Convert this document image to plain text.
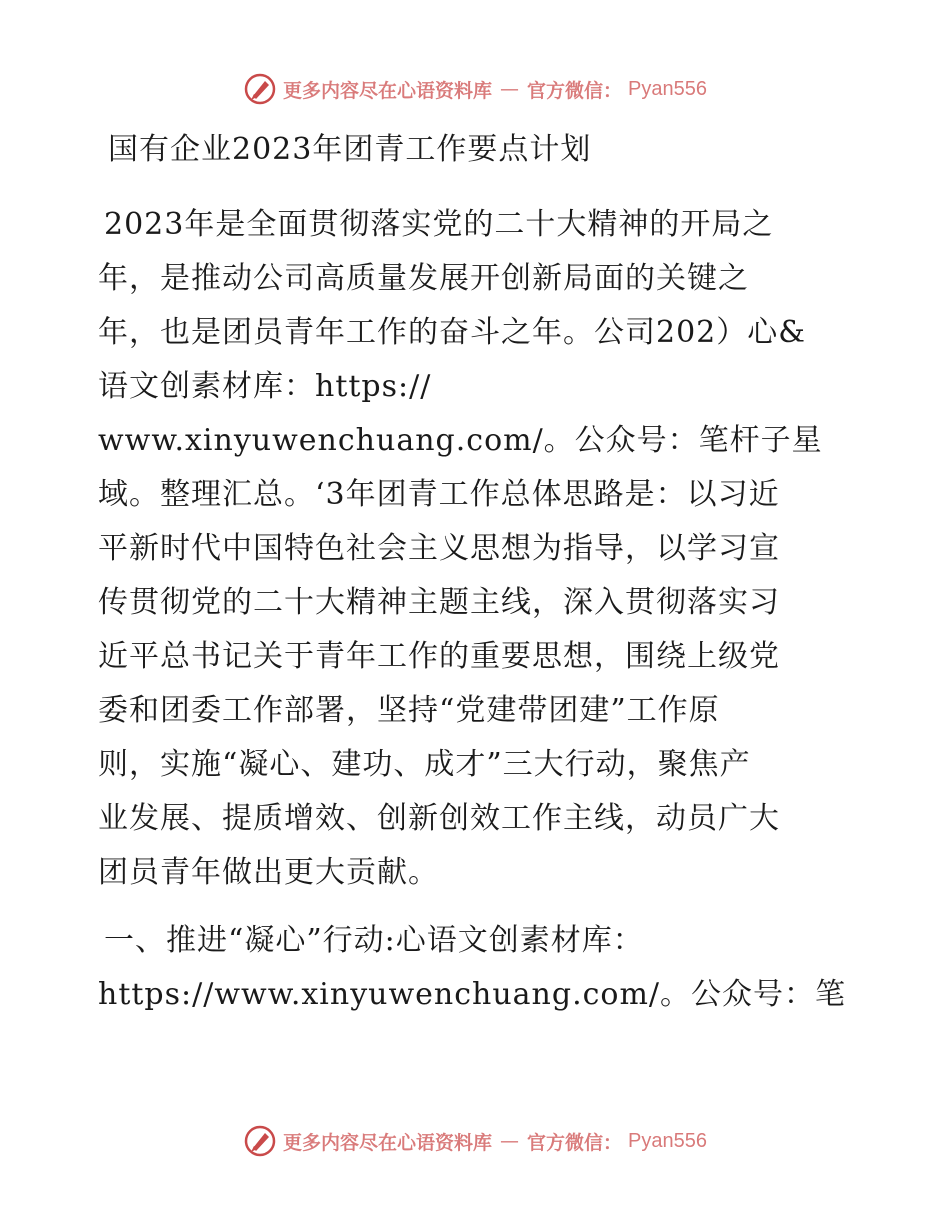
更多内容尽在心语资料库 — 官方微信： Pyan556
国有企业2023年团青工作要点计划

2023年是全面贯彻落实党的二十大精神的开局之
年，是推动公司高质量发展开创新局面的关键之
年，也是团员青年工作的奋斗之年。公司202）心&
语文创素材库：https://
www.xinyuwenchuang.com/。公众号：笔杆子星
域。整理汇总。‘3年团青工作总体思路是：以习近
平新时代中国特色社会主义思想为指导，以学习宣
传贯彻党的二十大精神主题主线，深入贯彻落实习
近平总书记关于青年工作的重要思想，围绕上级党
委和团委工作部署，坚持“党建带团建”工作原
则，实施“凝心、建功、成才”三大行动，聚焦产
业发展、提质增效、创新创效工作主线，动员广大
团员青年做出更大贡献。

一、推进“凝心”行动:心语文创素材库：
https://www.xinyuwenchuang.com/。公众号：笔

更多内容尽在心语资料库 — 官方微信： Pyan556
